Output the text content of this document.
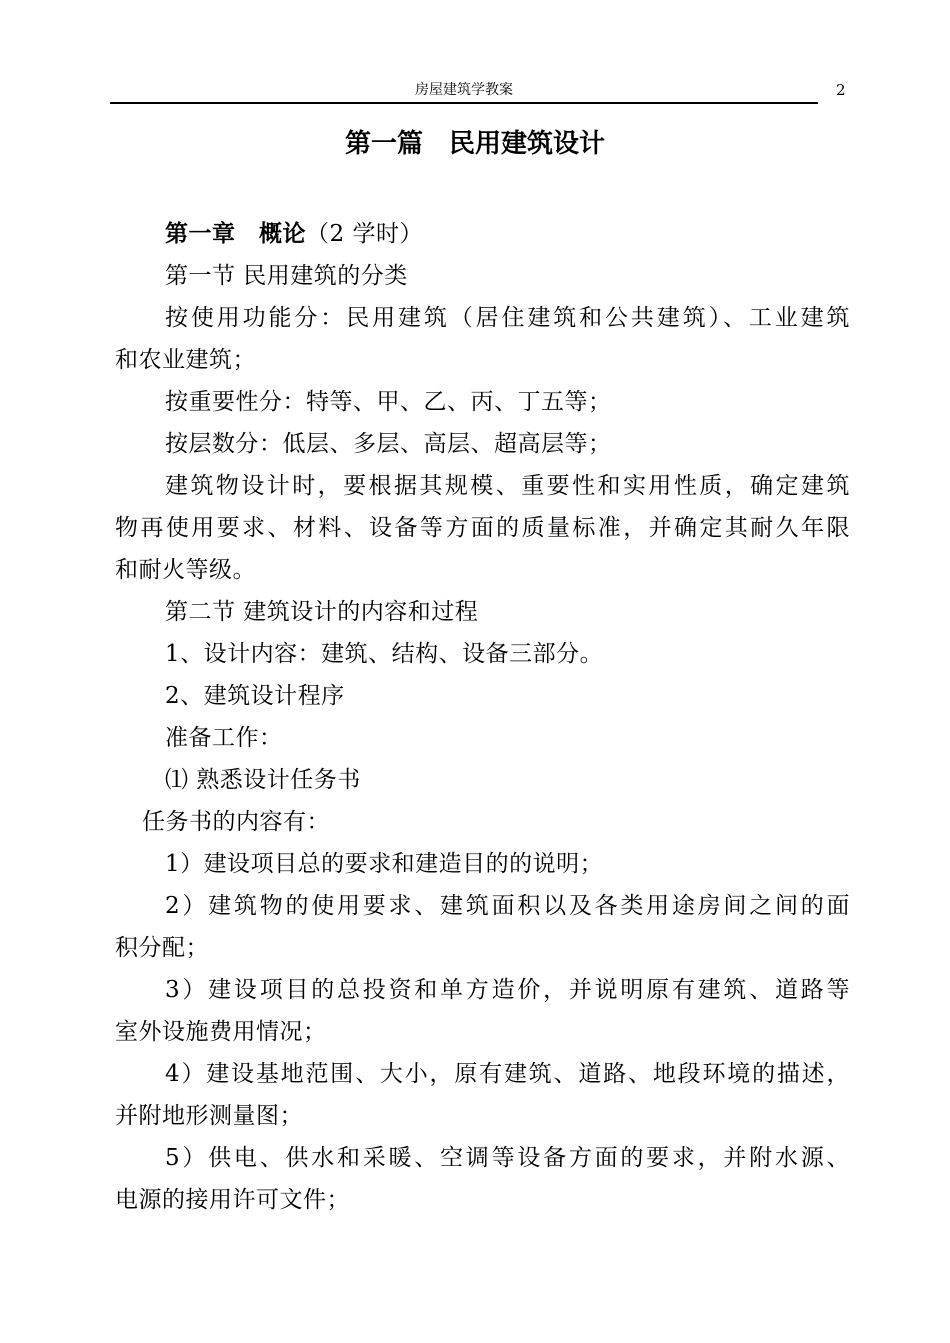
房屋建筑学教案	2
第一篇　民用建筑设计
第一章　概论（2 学时）
第一节 民用建筑的分类
按使用功能分：民用建筑（居住建筑和公共建筑）、工业建筑
和农业建筑；
按重要性分：特等、甲、乙、丙、丁五等；
按层数分：低层、多层、高层、超高层等；
建筑物设计时，要根据其规模、重要性和实用性质，确定建筑
物再使用要求、材料、设备等方面的质量标准，并确定其耐久年限
和耐火等级。
第二节 建筑设计的内容和过程
1、设计内容：建筑、结构、设备三部分。
2、建筑设计程序
准备工作：
⑴ 熟悉设计任务书
任务书的内容有：
1）建设项目总的要求和建造目的的说明；
2）建筑物的使用要求、建筑面积以及各类用途房间之间的面
积分配；
3）建设项目的总投资和单方造价，并说明原有建筑、道路等
室外设施费用情况；
4）建设基地范围、大小，原有建筑、道路、地段环境的描述，
并附地形测量图；
5）供电、供水和采暖、空调等设备方面的要求，并附水源、
电源的接用许可文件；
